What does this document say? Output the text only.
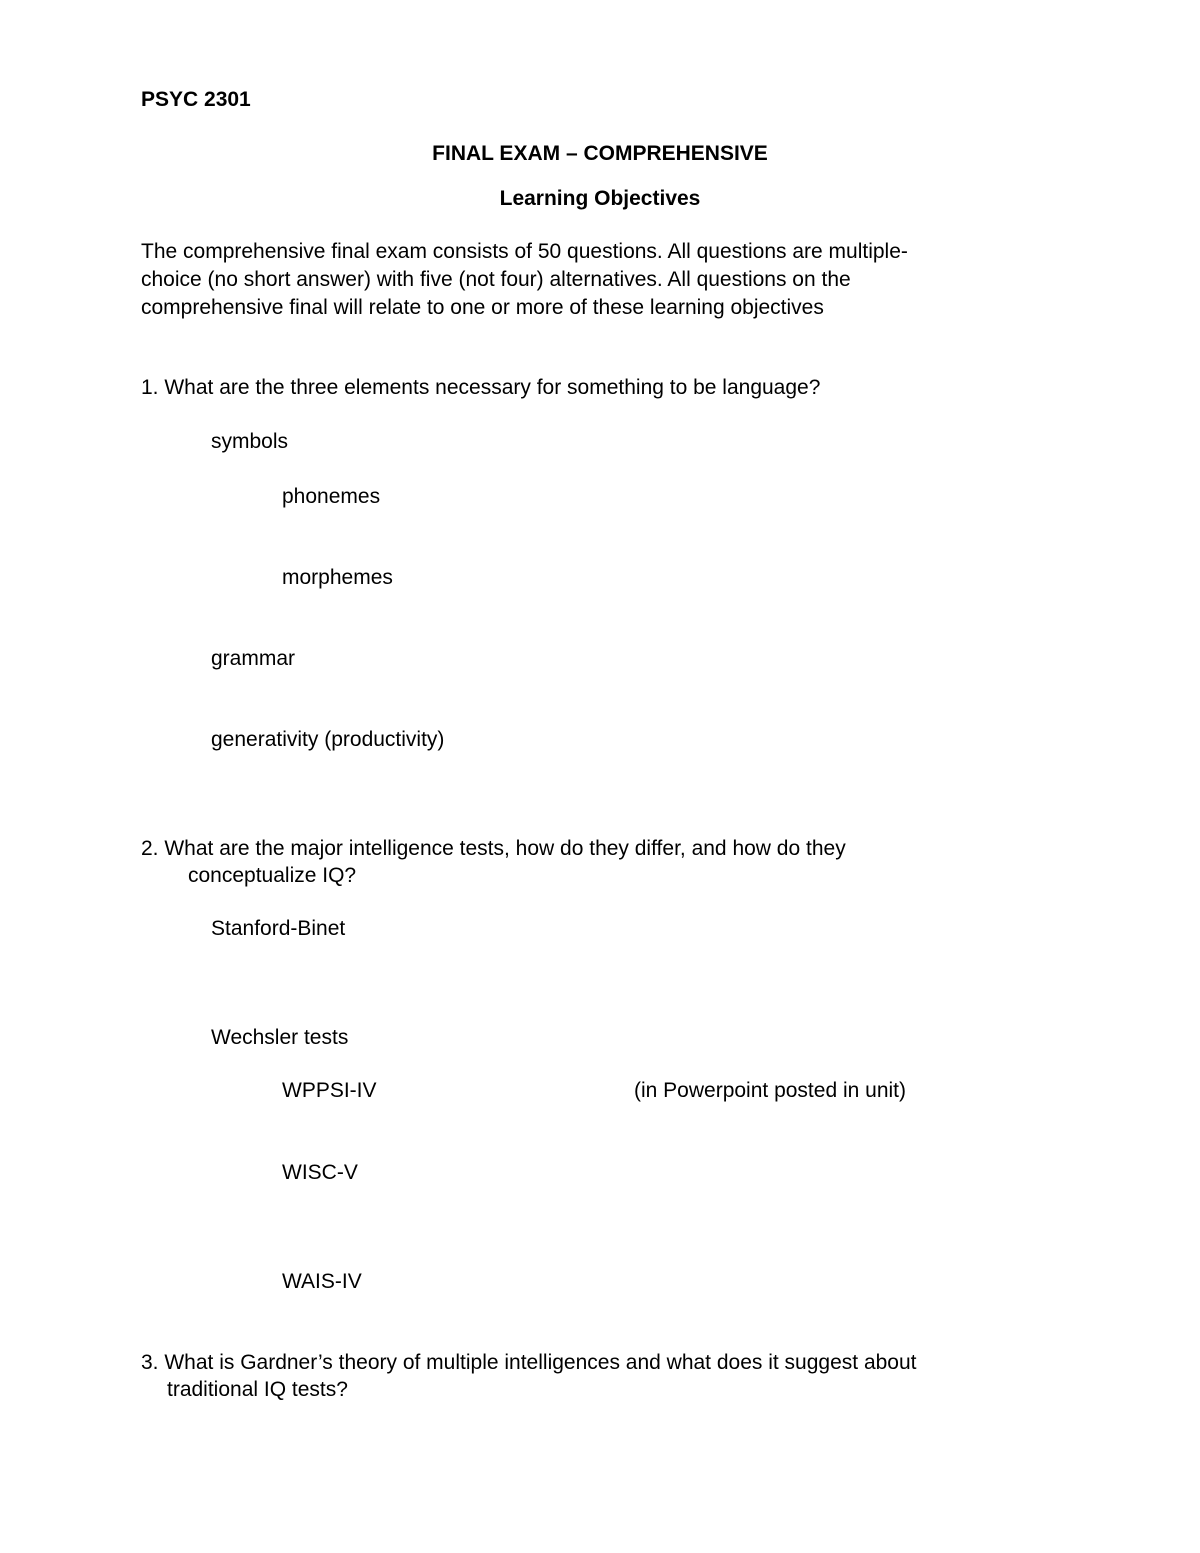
PSYC 2301
FINAL EXAM – COMPREHENSIVE
Learning Objectives
The comprehensive final exam consists of 50 questions. All questions are multiple-
choice (no short answer) with five (not four) alternatives. All questions on the
comprehensive final will relate to one or more of these learning objectives
1. What are the three elements necessary for something to be language?
symbols
phonemes
morphemes
grammar
generativity (productivity)
2. What are the major intelligence tests, how do they differ, and how do they
conceptualize IQ?
Stanford-Binet
Wechsler tests
WPPSI-IV	(in Powerpoint posted in unit)
WISC-V
WAIS-IV
3. What is Gardner’s theory of multiple intelligences and what does it suggest about
traditional IQ tests?
